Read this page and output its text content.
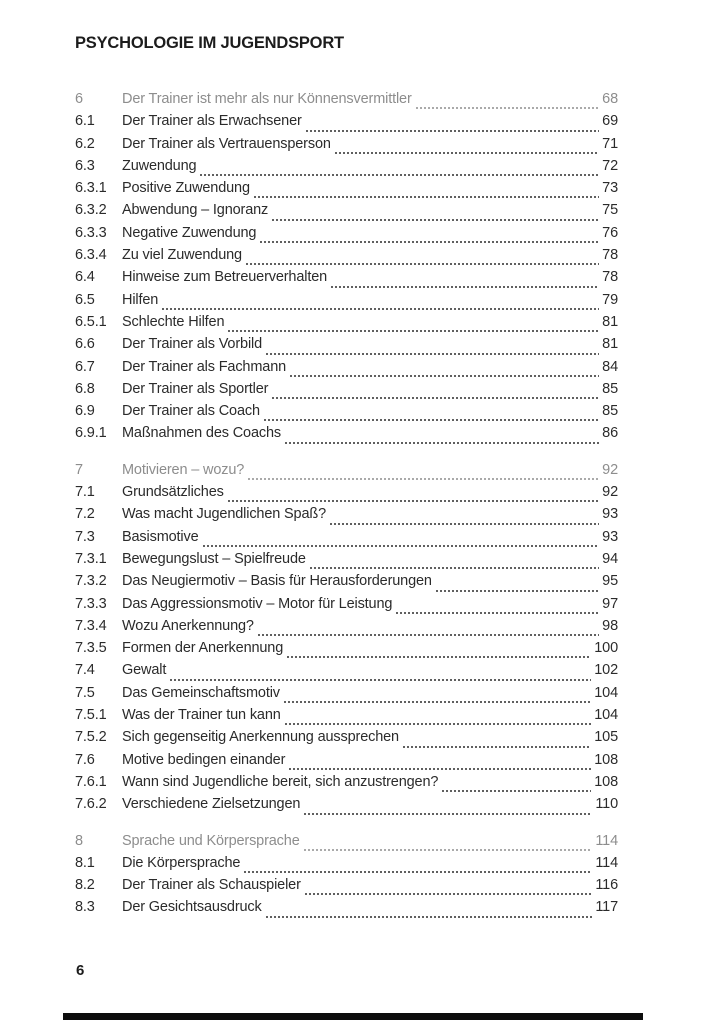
PSYCHOLOGIE IM JUGENDSPORT
6	Der Trainer ist mehr als nur Könnensvermittler	68
6.1	Der Trainer als Erwachsener	69
6.2	Der Trainer als Vertrauensperson	71
6.3	Zuwendung	72
6.3.1	Positive Zuwendung	73
6.3.2	Abwendung – Ignoranz	75
6.3.3	Negative Zuwendung	76
6.3.4	Zu viel Zuwendung	78
6.4	Hinweise zum Betreuerverhalten	78
6.5	Hilfen	79
6.5.1	Schlechte Hilfen	81
6.6	Der Trainer als Vorbild	81
6.7	Der Trainer als Fachmann	84
6.8	Der Trainer als Sportler	85
6.9	Der Trainer als Coach	85
6.9.1	Maßnahmen des Coachs	86
7	Motivieren – wozu?	92
7.1	Grundsätzliches	92
7.2	Was macht Jugendlichen Spaß?	93
7.3	Basismotive	93
7.3.1	Bewegungslust – Spielfreude	94
7.3.2	Das Neugiermotiv – Basis für Herausforderungen	95
7.3.3	Das Aggressionsmotiv – Motor für Leistung	97
7.3.4	Wozu Anerkennung?	98
7.3.5	Formen der Anerkennung	100
7.4	Gewalt	102
7.5	Das Gemeinschaftsmotiv	104
7.5.1	Was der Trainer tun kann	104
7.5.2	Sich gegenseitig Anerkennung aussprechen	105
7.6	Motive bedingen einander	108
7.6.1	Wann sind Jugendliche bereit, sich anzustrengen?	108
7.6.2	Verschiedene Zielsetzungen	110
8	Sprache und Körpersprache	114
8.1	Die Körpersprache	114
8.2	Der Trainer als Schauspieler	116
8.3	Der Gesichtsausdruck	117
6
